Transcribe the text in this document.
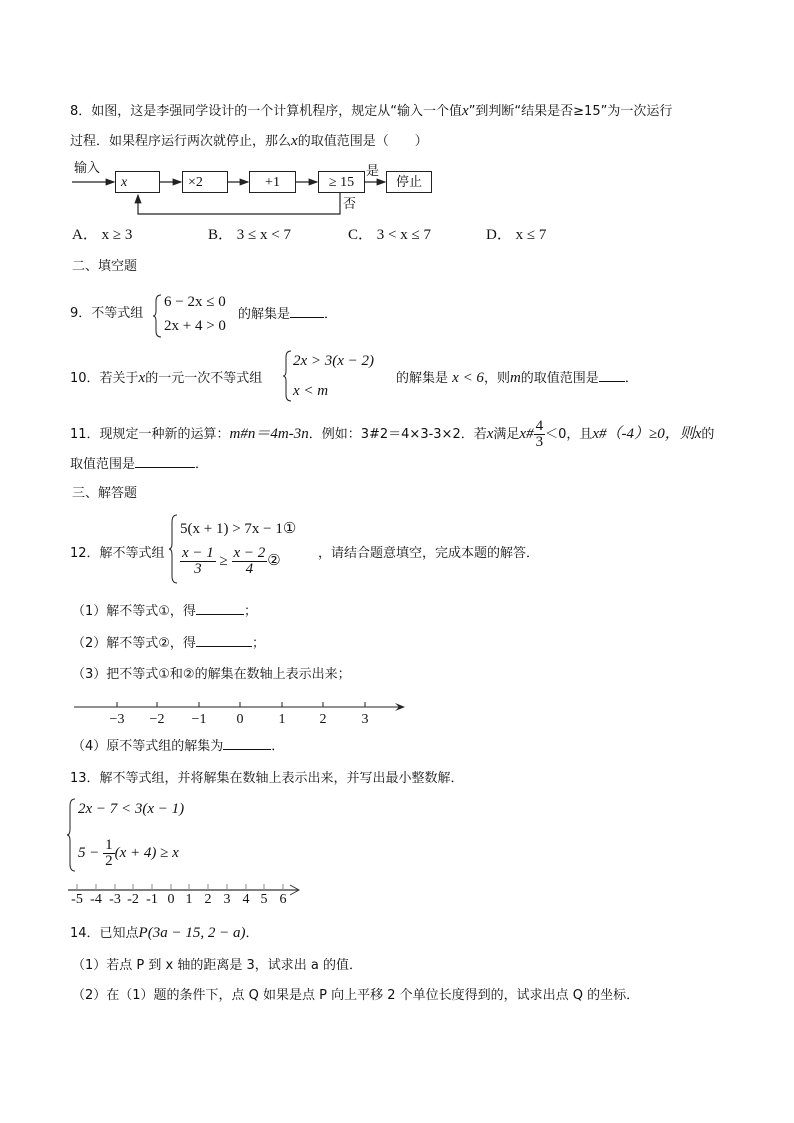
8．如图，这是李强同学设计的一个计算机程序，规定从“输入一个值x”到判断“结果是否≥15”为一次运行
过程．如果程序运行两次就停止，那么x的取值范围是（　　）
输入
x	×2	+1	≥ 15	停止
是
否
A． x ≥ 3	B． 3 ≤ x < 7	C． 3 < x ≤ 7	D． x ≤ 7
二、填空题
9．不等式组
6 − 2x ≤ 0
2x + 4 > 0
的解集是	．
10．若关于x的一元一次不等式组
2x > 3(x − 2)
x < m
的解集是 x < 6，则m的取值范围是 ．
11．现规定一种新的运算：m#n＝4m-3n．例如：3#2＝4×3-3×2．若x满足x# $\frac{4}{3} <0$，且x#（-4）≥0，则x的
取值范围是	．
三、解答题
12．解不等式组
5(x + 1) > 7x − 1①
$\frac{x - 1}{3} \ge \frac{x - 2}{4}$ ②	，请结合题意填空，完成本题的解答．
（1）解不等式①，得	；
（2）解不等式②，得	；
（3）把不等式①和②的解集在数轴上表示出来；
−3 −2 −1	0	1	2	3
（4）原不等式组的解集为	．
13．解不等式组，并将解集在数轴上表示出来，并写出最小整数解．
2x − 7 < 3(x − 1)
$5 - \frac{1}{2} (x + 4) \ge x$
-5 -4 -3 -2 -1 0 1 2 3 4 5 6
14．已知点P(3a − 15, 2 − a)．
（1）若点 P 到 x 轴的距离是 3，试求出 a 的值．
（2）在（1）题的条件下，点 Q 如果是点 P 向上平移 2 个单位长度得到的，试求出点 Q 的坐标．
